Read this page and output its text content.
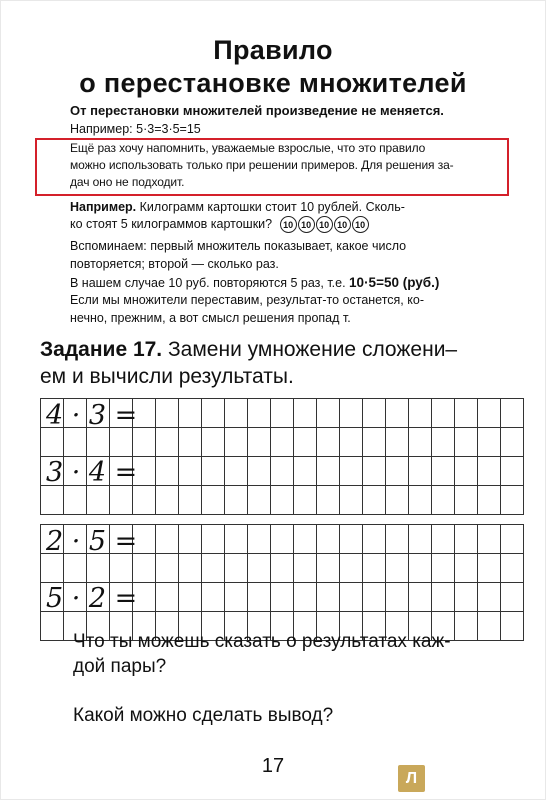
Правило
о перестановке множителей
От перестановки множителей произведение не меняется.
Например: 5·3=3·5=15
Ещё раз хочу напомнить, уважаемые взрослые, что это правило
можно использовать только при решении примеров. Для решения за-
дач оно не подходит.
Например. Килограмм картошки стоит 10 рублей. Сколь-
ко стоят 5 килограммов картошки?	10 10 10 10 10
Вспоминаем: первый множитель показывает, какое число
повторяется; второй — сколько раз.
В нашем случае 10 руб. повторяются 5 раз, т.е. 10·5=50 (руб.)
Если мы множители переставим, результат-то останется, ко-
нечно, прежним, а вот смысл решения пропад т.
Задание 17. Замени умножение сложени–
ем и вычисли результаты.

4 · 3 =
3 · 4 =
2 · 5 =
5 · 2 =
Что ты можешь сказать о результатах каж-
дой пары?
Какой можно сделать вывод?
17
Л
